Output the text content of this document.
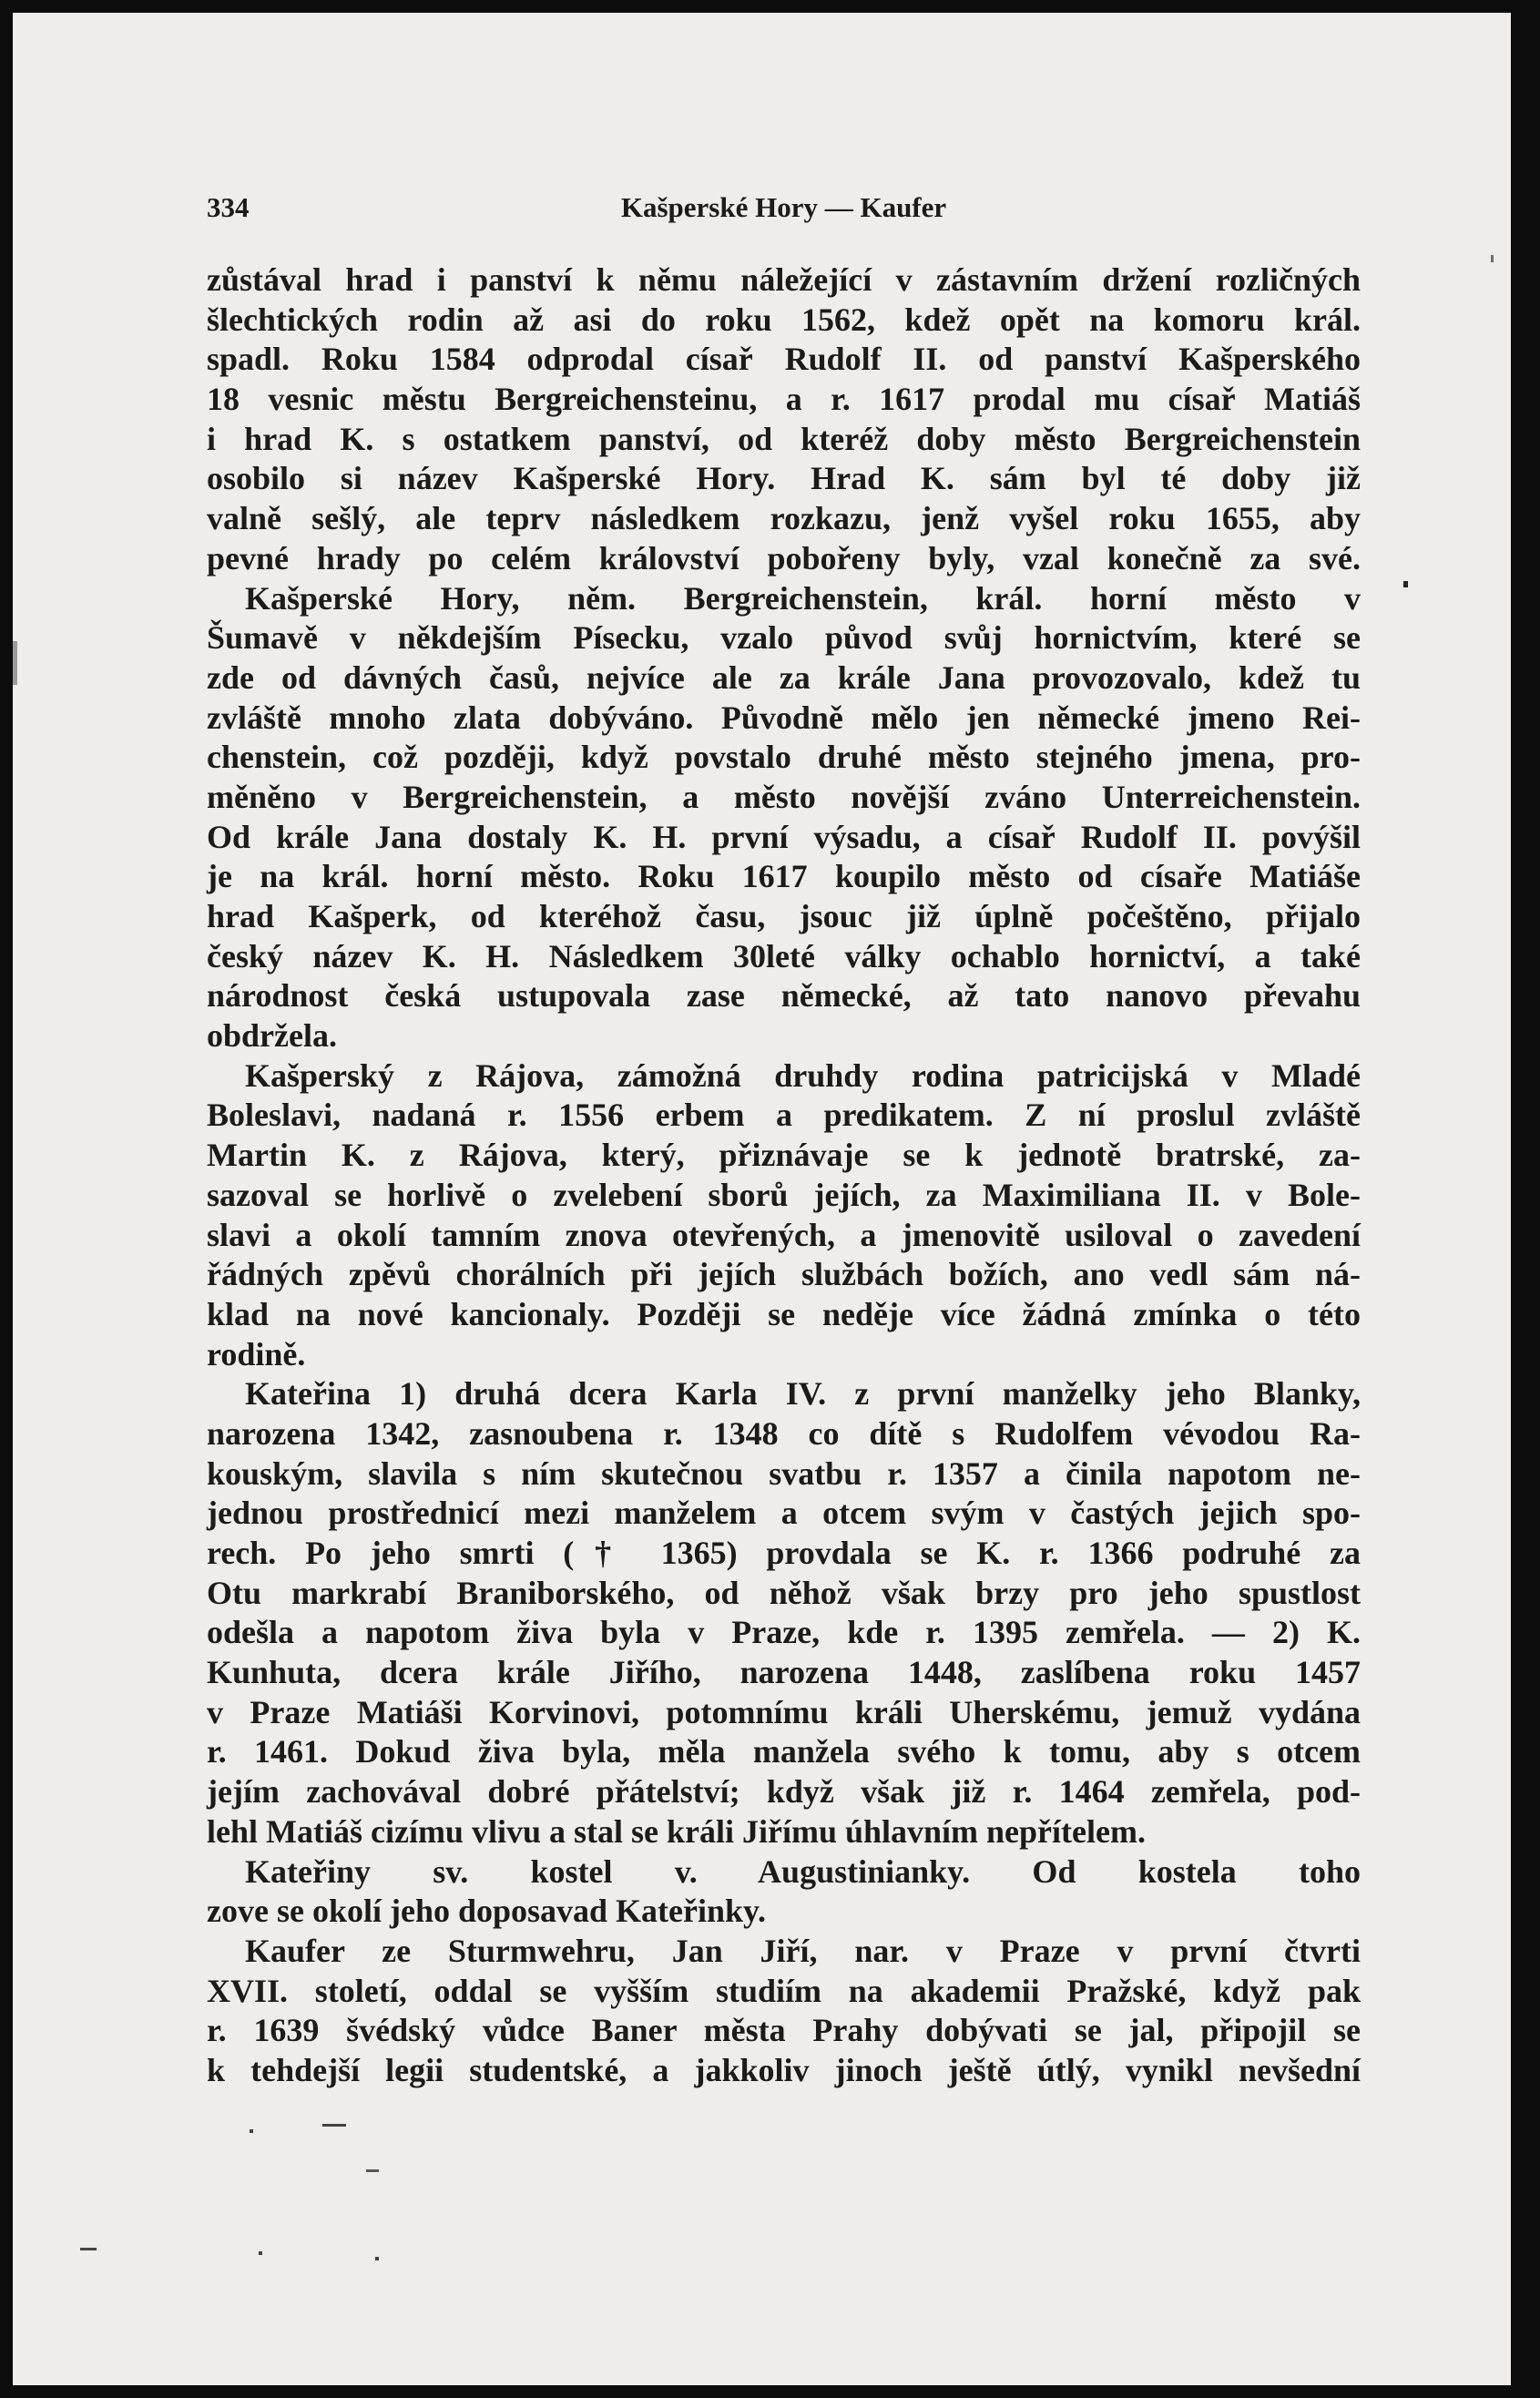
334	Kašperské Hory — Kaufer
zůstával hrad i panství k němu náležející v zástavním držení rozličných
šlechtických rodin až asi do roku 1562, kdež opět na komoru král.
spadl. Roku 1584 odprodal císař Rudolf II. od panství Kašperského
18 vesnic městu Bergreichensteinu, a r. 1617 prodal mu císař Matiáš
i hrad K. s ostatkem panství, od kteréž doby město Bergreichenstein
osobilo si název Kašperské Hory. Hrad K. sám byl té doby již
valně sešlý, ale teprv následkem rozkazu, jenž vyšel roku 1655, aby
pevné hrady po celém království pobořeny byly, vzal konečně za své.
Kašperské Hory, něm. Bergreichenstein, král. horní město v
Šumavě v někdejším Písecku, vzalo původ svůj hornictvím, které se
zde od dávných časů, nejvíce ale za krále Jana provozovalo, kdež tu
zvláště mnoho zlata dobýváno. Původně mělo jen německé jmeno Rei-
chenstein, což později, když povstalo druhé město stejného jmena, pro-
měněno v Bergreichenstein, a město novější zváno Unterreichenstein.
Od krále Jana dostaly K. H. první výsadu, a císař Rudolf II. povýšil
je na král. horní město. Roku 1617 koupilo město od císaře Matiáše
hrad Kašperk, od kteréhož času, jsouc již úplně počeštěno, přijalo
český název K. H. Následkem 30leté války ochablo hornictví, a také
národnost česká ustupovala zase německé, až tato nanovo převahu
obdržela.
Kašperský z Rájova, zámožná druhdy rodina patricijská v Mladé
Boleslavi, nadaná r. 1556 erbem a predikatem. Z ní proslul zvláště
Martin K. z Rájova, který, přiznávaje se k jednotě bratrské, za-
sazoval se horlivě o zvelebení sborů jejích, za Maximiliana II. v Bole-
slavi a okolí tamním znova otevřených, a jmenovitě usiloval o zavedení
řádných zpěvů chorálních při jejích službách božích, ano vedl sám ná-
klad na nové kancionaly. Později se neděje více žádná zmínka o této
rodině.
Kateřina 1) druhá dcera Karla IV. z první manželky jeho Blanky,
narozena 1342, zasnoubena r. 1348 co dítě s Rudolfem vévodou Ra-
kouským, slavila s ním skutečnou svatbu r. 1357 a činila napotom ne-
jednou prostřednicí mezi manželem a otcem svým v častých jejich spo-
rech. Po jeho smrti († 1365) provdala se K. r. 1366 podruhé za
Otu markrabí Braniborského, od něhož však brzy pro jeho spustlost
odešla a napotom živa byla v Praze, kde r. 1395 zemřela. — 2) K.
Kunhuta, dcera krále Jiřího, narozena 1448, zaslíbena roku 1457
v Praze Matiáši Korvinovi, potomnímu králi Uherskému, jemuž vydána
r. 1461. Dokud živa byla, měla manžela svého k tomu, aby s otcem
jejím zachovával dobré přátelství; když však již r. 1464 zemřela, pod-
lehl Matiáš cizímu vlivu a stal se králi Jiřímu úhlavním nepřítelem.
Kateřiny sv. kostel v. Augustinianky. Od kostela toho
zove se okolí jeho doposavad Kateřinky.
Kaufer ze Sturmwehru, Jan Jiří, nar. v Praze v první čtvrti
XVII. století, oddal se vyšším studiím na akademii Pražské, když pak
r. 1639 švédský vůdce Baner města Prahy dobývati se jal, připojil se
k tehdejší legii studentské, a jakkoliv jinoch ještě útlý, vynikl nevšední
